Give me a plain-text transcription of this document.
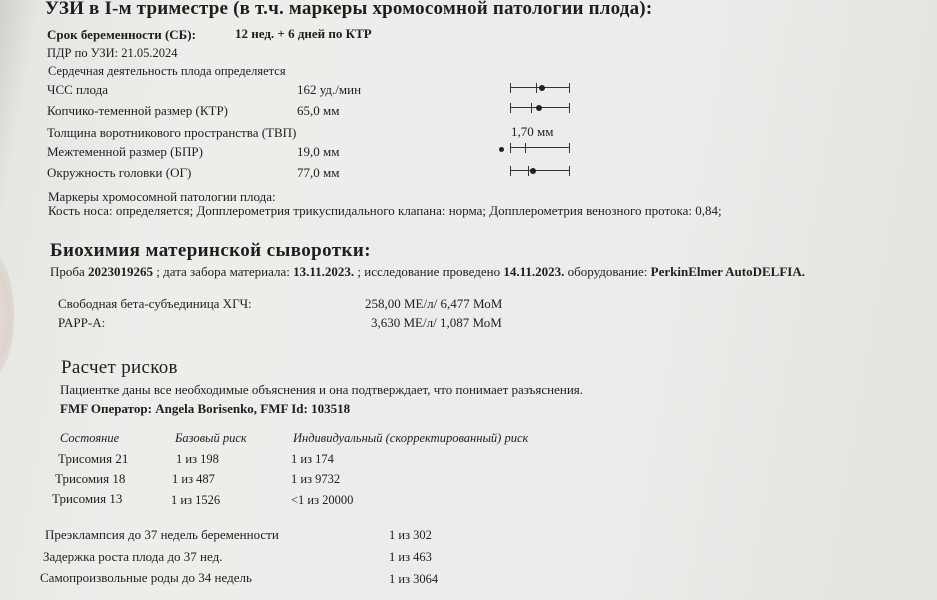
УЗИ в I-м триместре (в т.ч. маркеры хромосомной патологии плода):
Срок беременности (СБ):	12 нед. + 6 дней по КТР
ПДР по УЗИ: 21.05.2024
Сердечная деятельность плода определяется
ЧСС плода	162 уд./мин
Копчико-теменной размер (КТР)	65,0 мм
Толщина воротникового пространства (ТВП)	1,70 мм
Межтеменной размер (БПР)	19,0 мм
Окружность головки (ОГ)	77,0 мм
Маркеры хромосомной патологии плода:
Кость носа: определяется; Допплерометрия трикуспидального клапана: норма; Допплерометрия венозного протока: 0,84;
Биохимия материнской сыворотки:
Проба 2023019265 ; дата забора материала: 13.11.2023. ; исследование проведено 14.11.2023. оборудование: PerkinElmer AutoDELFIA.
Свободная бета-субъединица ХГЧ:	258,00 МЕ/л/ 6,477 МоМ
PAPP-A:	3,630 МЕ/л/ 1,087 МоМ
Расчет рисков
Пациентке даны все необходимые объяснения и она подтверждает, что понимает разъяснения.
FMF Оператор: Angela Borisenko, FMF Id: 103518
Состояние	Базовый риск	Индивидуальный (скорректированный) риск
Трисомия 21	1 из 198	1 из 174
Трисомия 18	1 из 487	1 из 9732
Трисомия 13	1 из 1526	<1 из 20000
Преэклампсия до 37 недель беременности	1 из 302
Задержка роста плода до 37 нед.	1 из 463
Самопроизвольные роды до 34 недель	1 из 3064
